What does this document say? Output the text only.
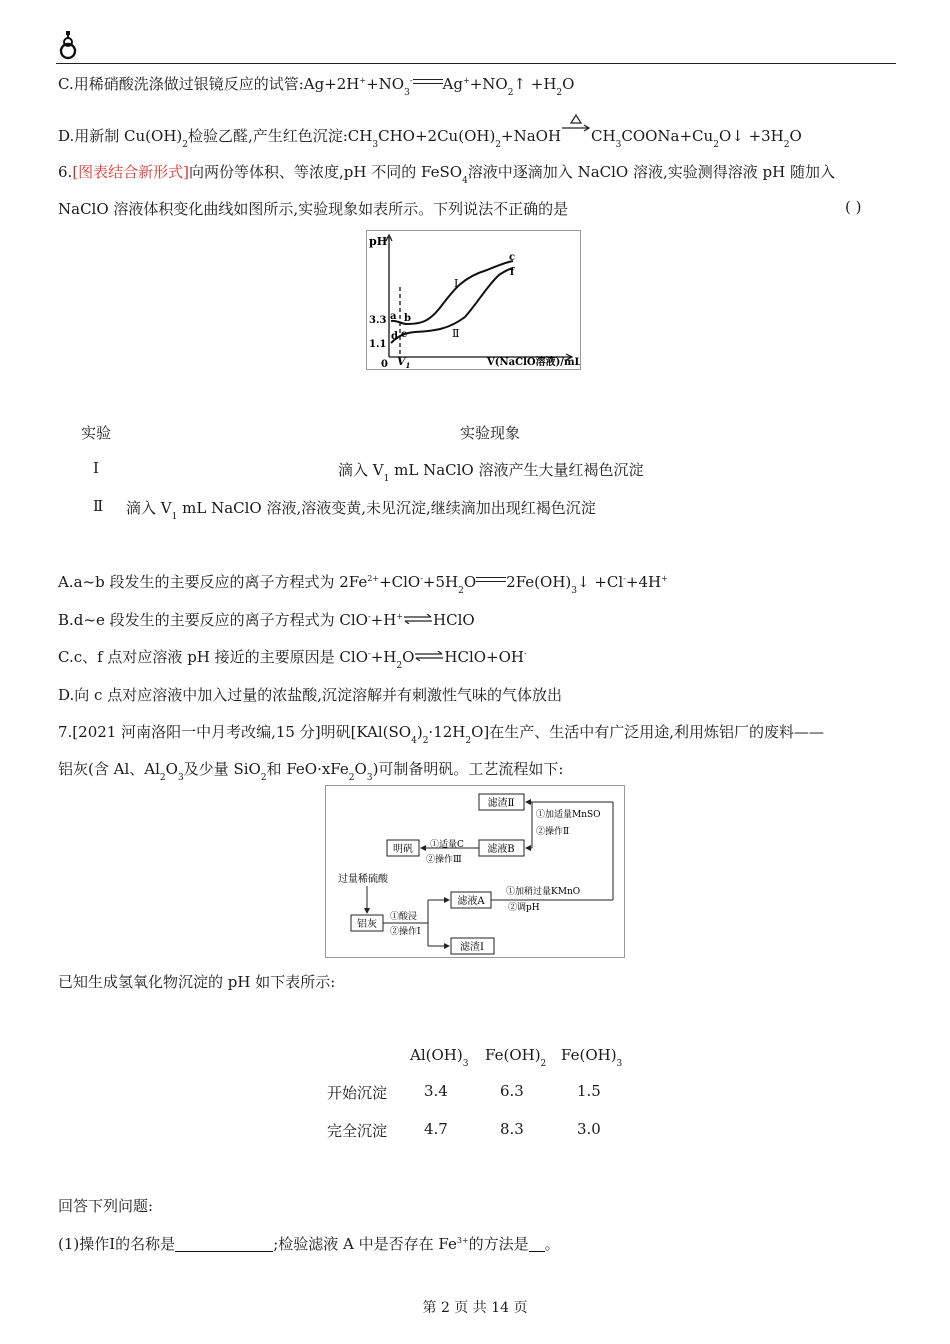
C.用稀硝酸洗涤做过银镜反应的试管$:Ag+2H^++NO_3^-$ $Ag^++NO_2↑ +H_2O$
D.用新制 $Cu(OH)_2$检验乙醛,产生红色沉淀$:CH_3CHO+2Cu(OH)_2+NaOH$ $CH_3COONa+Cu_2O↓ +3H_2O$
6.[图表结合新形式]向两份等体积、等浓度,pH 不同的 FeSO$_4$溶液中逐滴加入 NaClO 溶液,实验测得溶液 pH 随加入
NaClO 溶液体积变化曲线如图所示,实验现象如表所示。下列说法不正确的是	( )
pH
3.3
1.1
0 $V_1$	V(NaClO溶液)/mL
Ⅰ
Ⅱ
a b
c
d e
f
实验	实验现象
Ⅰ	滴入 $V_1$ mL NaClO 溶液产生大量红褐色沉淀
Ⅱ 滴入 $V_1$ mL NaClO 溶液,溶液变黄,未见沉淀,继续滴加出现红褐色沉淀
A.a~b 段发生的主要反应的离子方程式为 $2Fe^{2+}+ClO^-+5H_2O$ $2Fe(OH)_3↓ +Cl^-+4H^+$
B.d~e 段发生的主要反应的离子方程式为 ClO-+H+⇌HClO
C.c、f 点对应溶液 pH 接近的主要原因是 $ClO^-+H_2O\rightleftharpoons HClO+OH^-$
D.向 c 点对应溶液中加入过量的浓盐酸,沉淀溶解并有刺激性气味的气体放出
7.[2021 河南洛阳一中月考改编,15 分]明矾$[KAl(SO_4)_2\cdot 12H_2O]$在生产、生活中有广泛用途,利用炼铝厂的废料——
铝灰(含 Al、$Al_2O_3$及少量 SiO$_2$和 $FeO\cdot xFe_2O_3$)可制备明矾。工艺流程如下:
滤渣Ⅱ
明矾	滤液B
滤液A
铝灰
滤渣Ⅰ
过量稀硫酸
①加适量MnSO
②操作Ⅱ
①适量C
②操作Ⅲ
①加稍过量KMnO
②调pH
①酸浸
②操作Ⅰ
已知生成氢氧化物沉淀的 pH 如下表所示:
$Al(OH)_3$ $Fe(OH)_2$ $Fe(OH)_3$
开始沉淀 3.4	6.3	1.5
完全沉淀 4.7	8.3	3.0
回答下列问题:
(1)操作Ⅰ的名称是	;检验滤液 A 中是否存在 $Fe^{3+}$的方法是 。
第 2 页 共 14 页
